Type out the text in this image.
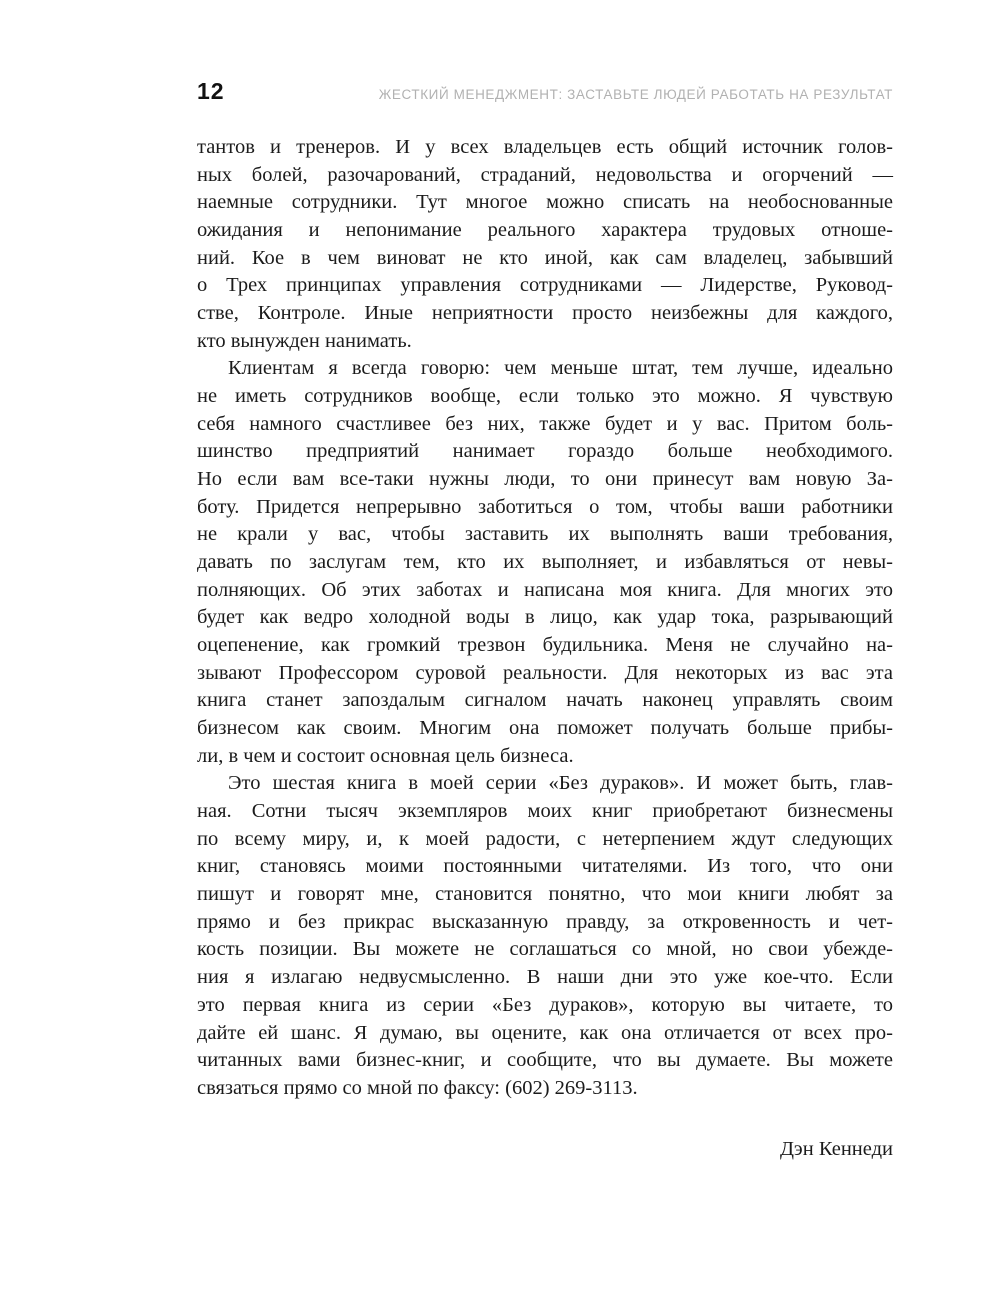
12	ЖЕСТКИЙ МЕНЕДЖМЕНТ: ЗАСТАВЬТЕ ЛЮДЕЙ РАБОТАТЬ НА РЕЗУЛЬТАТ
тантов и тренеров. И у всех владельцев есть общий источник голов-
ных болей, разочарований, страданий, недовольства и огорчений —
наемные сотрудники. Тут многое можно списать на необоснованные
ожидания и непонимание реального характера трудовых отноше-
ний. Кое в чем виноват не кто иной, как сам владелец, забывший
о Трех принципах управления сотрудниками — Лидерстве, Руковод-
стве, Контроле. Иные неприятности просто неизбежны для каждого,
кто вынужден нанимать.
Клиентам я всегда говорю: чем меньше штат, тем лучше, идеально
не иметь сотрудников вообще, если только это можно. Я чувствую
себя намного счастливее без них, также будет и у вас. Притом боль-
шинство предприятий нанимает гораздо больше необходимого.
Но если вам все-таки нужны люди, то они принесут вам новую За-
боту. Придется непрерывно заботиться о том, чтобы ваши работники
не крали у вас, чтобы заставить их выполнять ваши требования,
давать по заслугам тем, кто их выполняет, и избавляться от невы-
полняющих. Об этих заботах и написана моя книга. Для многих это
будет как ведро холодной воды в лицо, как удар тока, разрывающий
оцепенение, как громкий трезвон будильника. Меня не случайно на-
зывают Профессором суровой реальности. Для некоторых из вас эта
книга станет запоздалым сигналом начать наконец управлять своим
бизнесом как своим. Многим она поможет получать больше прибы-
ли, в чем и состоит основная цель бизнеса.
Это шестая книга в моей серии «Без дураков». И может быть, глав-
ная. Сотни тысяч экземпляров моих книг приобретают бизнесмены
по всему миру, и, к моей радости, с нетерпением ждут следующих
книг, становясь моими постоянными читателями. Из того, что они
пишут и говорят мне, становится понятно, что мои книги любят за
прямо и без прикрас высказанную правду, за откровенность и чет-
кость позиции. Вы можете не соглашаться со мной, но свои убежде-
ния я излагаю недвусмысленно. В наши дни это уже кое-что. Если
это первая книга из серии «Без дураков», которую вы читаете, то
дайте ей шанс. Я думаю, вы оцените, как она отличается от всех про-
читанных вами бизнес-книг, и сообщите, что вы думаете. Вы можете
связаться прямо со мной по факсу: (602) 269-3113.
Дэн Кеннеди
